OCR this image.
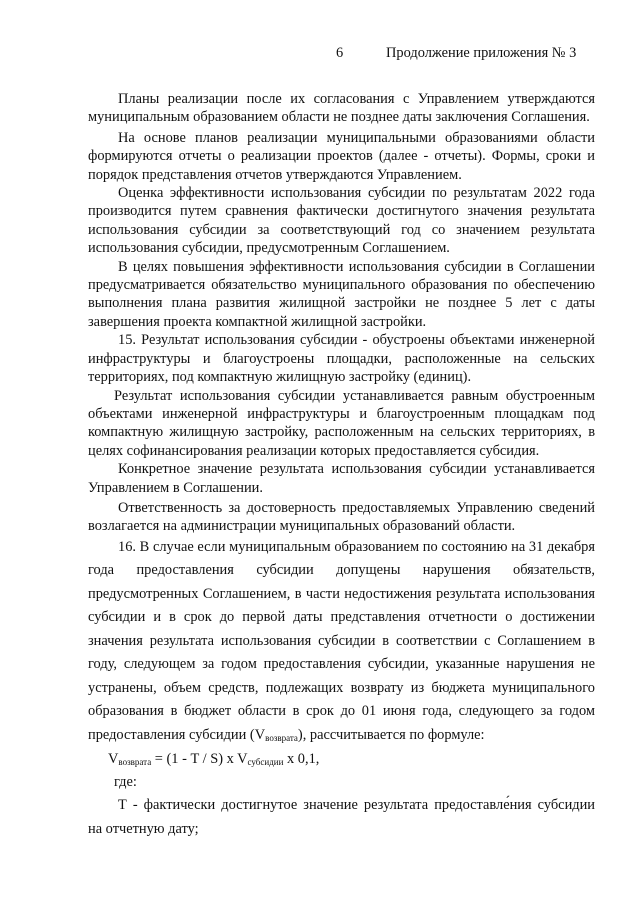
6	Продолжение приложения № 3

Планы реализации после их согласования с Управлением утверждаются муниципальным образованием области не позднее даты заключения Соглашения.

На основе планов реализации муниципальными образованиями области формируются отчеты о реализации проектов (далее - отчеты). Формы, сроки и порядок представления отчетов утверждаются Управлением.

Оценка эффективности использования субсидии по результатам 2022 года производится путем сравнения фактически достигнутого значения результата использования субсидии за соответствующий год со значением результата использования субсидии, предусмотренным Соглашением.

В целях повышения эффективности использования субсидии в Соглашении предусматривается обязательство муниципального образования по обеспечению выполнения плана развития жилищной застройки не позднее 5 лет с даты завершения проекта компактной жилищной застройки.

15. Результат использования субсидии - обустроены объектами инженерной инфраструктуры и благоустроены площадки, расположенные на сельских территориях, под компактную жилищную застройку (единиц).

Результат использования субсидии устанавливается равным обустроенным объектами инженерной инфраструктуры и благоустроенным площадкам под компактную жилищную застройку, расположенным на сельских территориях, в целях софинансирования реализации которых предоставляется субсидия.

Конкретное значение результата использования субсидии устанавливается Управлением в Соглашении.

Ответственность за достоверность предоставляемых Управлению сведений возлагается на администрации муниципальных образований области.

16. В случае если муниципальным образованием по состоянию на 31 декабря года предоставления субсидии допущены нарушения обязательств, предусмотренных Соглашением, в части недостижения результата использования субсидии и в срок до первой даты представления отчетности о достижении значения результата использования субсидии в соответствии с Соглашением в году, следующем за годом предоставления субсидии, указанные нарушения не устранены, объем средств, подлежащих возврату из бюджета муниципального образования в бюджет области в срок до 01 июня года, следующего за годом предоставления субсидии $(V_{возврата})$, рассчитывается по формуле:

$V_{возврата} = (1 - T / S)$ x $V_{субсидии}$ x 0,1,

где:

Т - фактически достигнутое значение результата предоставле́ния субсидии на отчетную дату;
